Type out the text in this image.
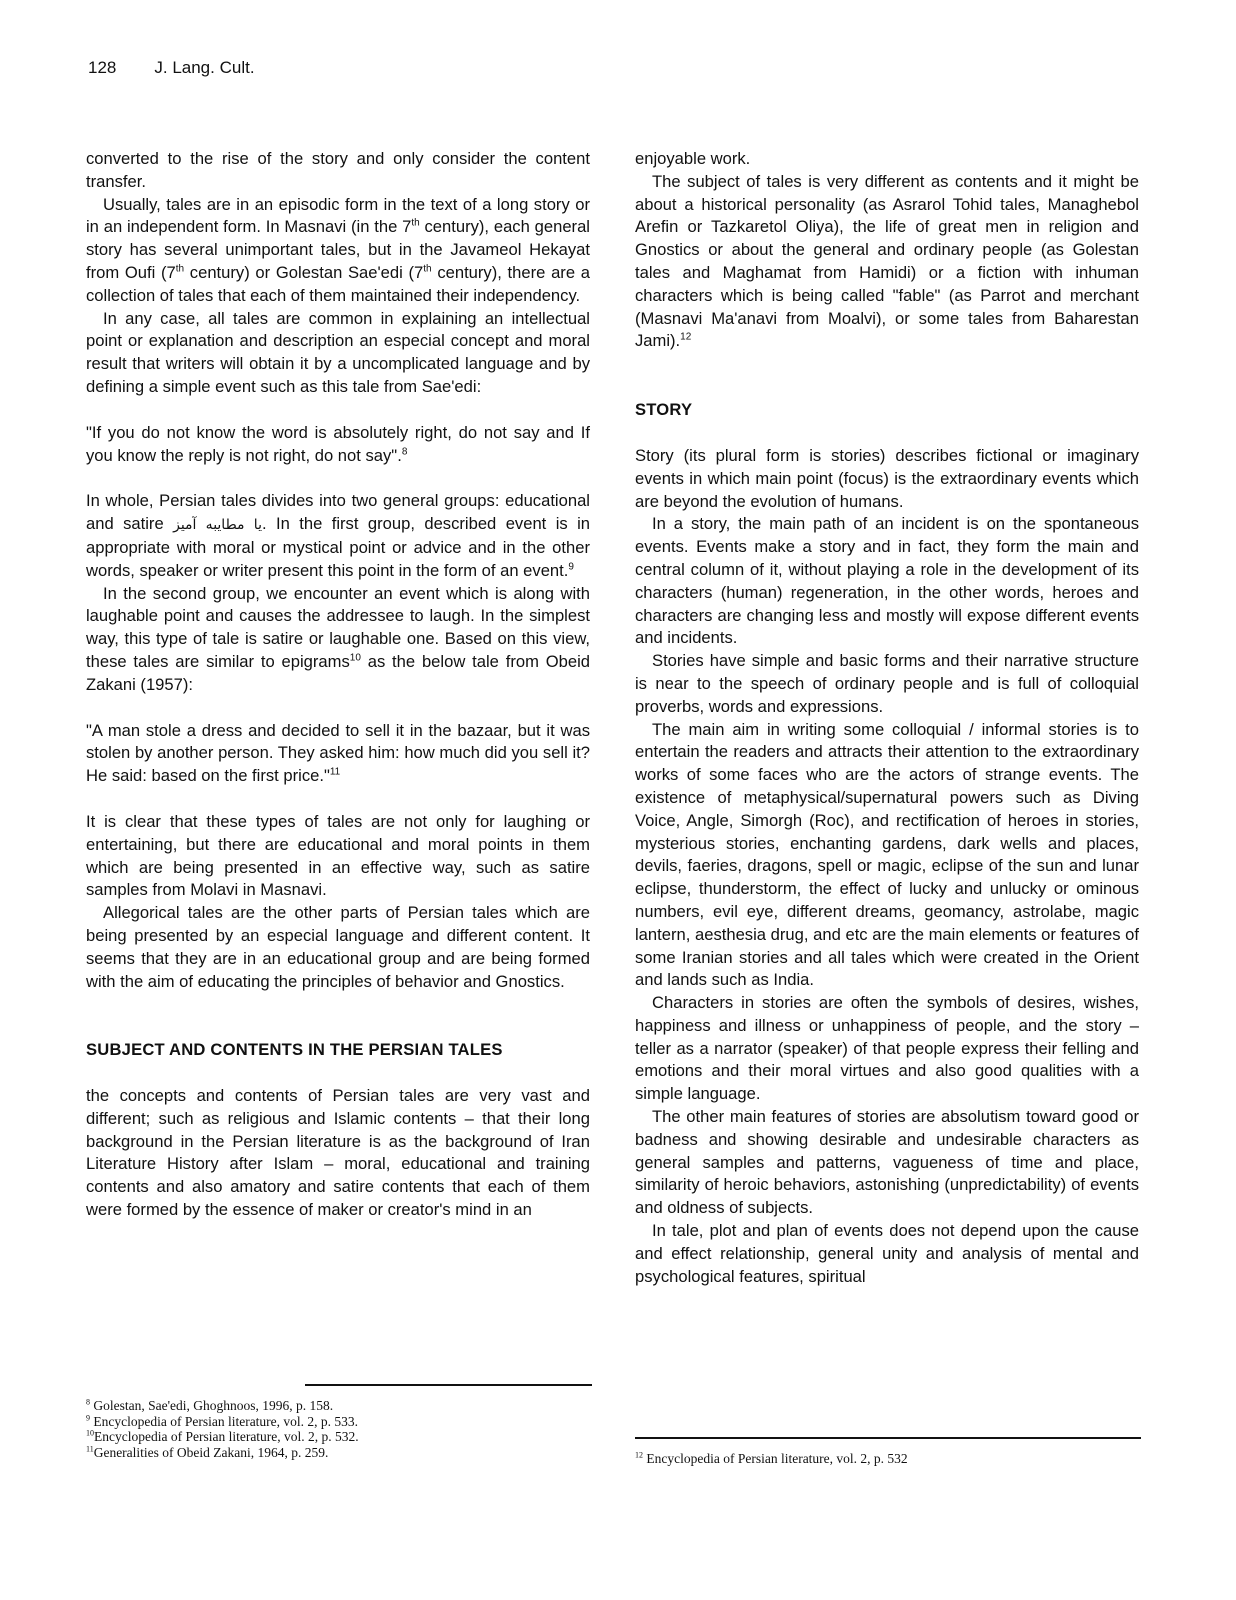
128 J. Lang. Cult.

converted to the rise of the story and only consider the content transfer.

Usually, tales are in an episodic form in the text of a long story or in an independent form. In Masnavi (in the 7th century), each general story has several unimportant tales, but in the Javameol Hekayat from Oufi (7th century) or Golestan Sae'edi (7th century), there are a collection of tales that each of them maintained their independency.

In any case, all tales are common in explaining an intellectual point or explanation and description an especial concept and moral result that writers will obtain it by a uncomplicated language and by defining a simple event such as this tale from Sae'edi:

"If you do not know the word is absolutely right, do not say and If you know the reply is not right, do not say".$^8$

In whole, Persian tales divides into two general groups: educational and satire یا مطایبه آمیز. In the first group, described event is in appropriate with moral or mystical point or advice and in the other words, speaker or writer present this point in the form of an event.$^9$

In the second group, we encounter an event which is along with laughable point and causes the addressee to laugh. In the simplest way, this type of tale is satire or laughable one. Based on this view, these tales are similar to epigrams$^{10}$ as the below tale from Obeid Zakani (1957):

"A man stole a dress and decided to sell it in the bazaar, but it was stolen by another person. They asked him: how much did you sell it? He said: based on the first price."$^{11}$

It is clear that these types of tales are not only for laughing or entertaining, but there are educational and moral points in them which are being presented in an effective way, such as satire samples from Molavi in Masnavi.

Allegorical tales are the other parts of Persian tales which are being presented by an especial language and different content. It seems that they are in an educational group and are being formed with the aim of educating the principles of behavior and Gnostics.

SUBJECT AND CONTENTS IN THE PERSIAN TALES

the concepts and contents of Persian tales are very vast and different; such as religious and Islamic contents – that their long background in the Persian literature is as the background of Iran Literature History after Islam – moral, educational and training contents and also amatory and satire contents that each of them were formed by the essence of maker or creator's mind in an

$^8$ Golestan, Sae'edi, Ghoghnoos, 1996, p. 158.
$^9$ Encyclopedia of Persian literature, vol. 2, p. 533.
$^{10}$Encyclopedia of Persian literature, vol. 2, p. 532.
$^{11}$Generalities of Obeid Zakani, 1964, p. 259.

enjoyable work.

The subject of tales is very different as contents and it might be about a historical personality (as Asrarol Tohid tales, Managhebol Arefin or Tazkaretol Oliya), the life of great men in religion and Gnostics or about the general and ordinary people (as Golestan tales and Maghamat from Hamidi) or a fiction with inhuman characters which is being called "fable" (as Parrot and merchant (Masnavi Ma'anavi from Moalvi), or some tales from Baharestan Jami).$^{12}$

STORY

Story (its plural form is stories) describes fictional or imaginary events in which main point (focus) is the extraordinary events which are beyond the evolution of humans.

In a story, the main path of an incident is on the spontaneous events. Events make a story and in fact, they form the main and central column of it, without playing a role in the development of its characters (human) regeneration, in the other words, heroes and characters are changing less and mostly will expose different events and incidents.

Stories have simple and basic forms and their narrative structure is near to the speech of ordinary people and is full of colloquial proverbs, words and expressions.

The main aim in writing some colloquial / informal stories is to entertain the readers and attracts their attention to the extraordinary works of some faces who are the actors of strange events. The existence of metaphysical/supernatural powers such as Diving Voice, Angle, Simorgh (Roc), and rectification of heroes in stories, mysterious stories, enchanting gardens, dark wells and places, devils, faeries, dragons, spell or magic, eclipse of the sun and lunar eclipse, thunderstorm, the effect of lucky and unlucky or ominous numbers, evil eye, different dreams, geomancy, astrolabe, magic lantern, aesthesia drug, and etc are the main elements or features of some Iranian stories and all tales which were created in the Orient and lands such as India.

Characters in stories are often the symbols of desires, wishes, happiness and illness or unhappiness of people, and the story – teller as a narrator (speaker) of that people express their felling and emotions and their moral virtues and also good qualities with a simple language.

The other main features of stories are absolutism toward good or badness and showing desirable and undesirable characters as general samples and patterns, vagueness of time and place, similarity of heroic behaviors, astonishing (unpredictability) of events and oldness of subjects.

In tale, plot and plan of events does not depend upon the cause and effect relationship, general unity and analysis of mental and psychological features, spiritual

$^{12}$ Encyclopedia of Persian literature, vol. 2, p. 532
